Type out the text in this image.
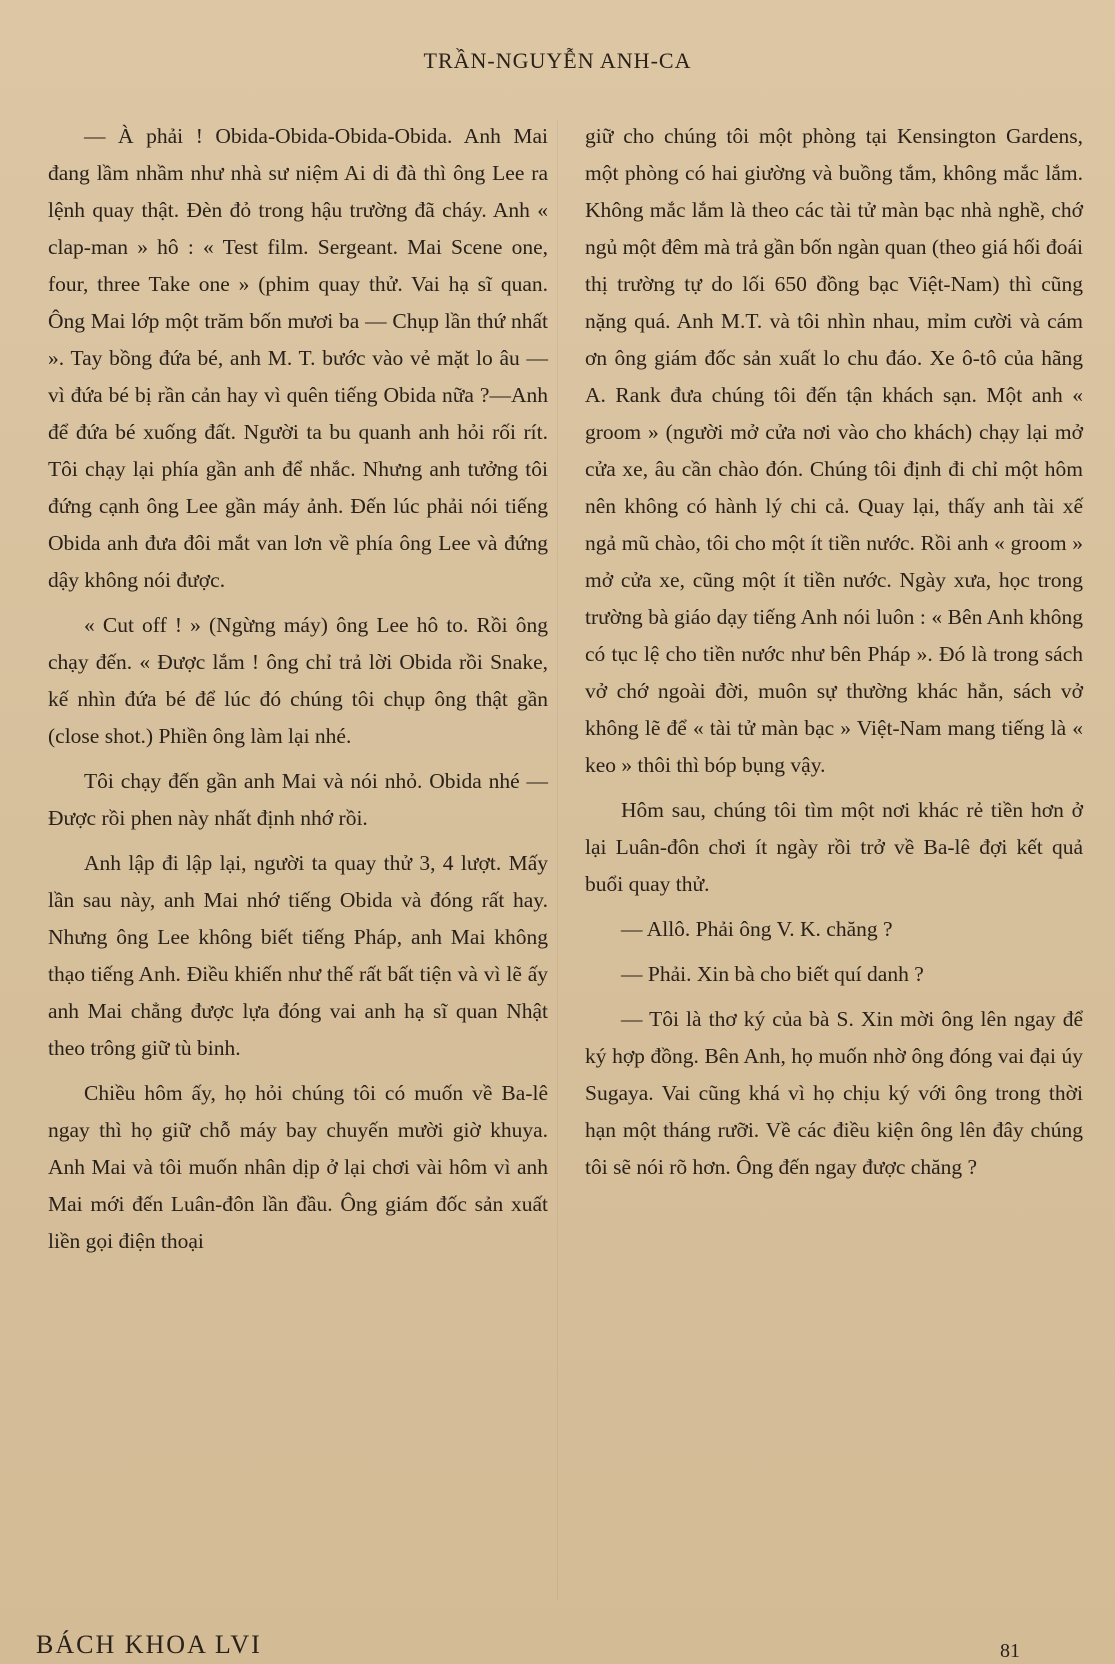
TRẦN-NGUYỄN ANH-CA

— À phải ! Obida-Obida-Obida-Obida. Anh Mai đang lầm nhầm như nhà sư niệm Ai di đà thì ông Lee ra lệnh quay thật. Đèn đỏ trong hậu trường đã cháy. Anh « clap-man » hô : « Test film. Sergeant. Mai Scene one, four, three Take one » (phim quay thử. Vai hạ sĩ quan. Ông Mai lớp một trăm bốn mươi ba — Chụp lần thứ nhất ». Tay bồng đứa bé, anh M. T. bước vào vẻ mặt lo âu — vì đứa bé bị rần cản hay vì quên tiếng Obida nữa ?—Anh để đứa bé xuống đất. Người ta bu quanh anh hỏi rối rít. Tôi chạy lại phía gần anh để nhắc. Nhưng anh tưởng tôi đứng cạnh ông Lee gần máy ảnh. Đến lúc phải nói tiếng Obida anh đưa đôi mắt van lơn về phía ông Lee và đứng dậy không nói được.

« Cut off ! » (Ngừng máy) ông Lee hô to. Rồi ông chạy đến. « Được lắm ! ông chỉ trả lời Obida rồi Snake, kế nhìn đứa bé để lúc đó chúng tôi chụp ông thật gần (close shot.) Phiền ông làm lại nhé.

Tôi chạy đến gần anh Mai và nói nhỏ. Obida nhé — Được rồi phen này nhất định nhớ rồi.

Anh lập đi lập lại, người ta quay thử 3, 4 lượt. Mấy lần sau này, anh Mai nhớ tiếng Obida và đóng rất hay. Nhưng ông Lee không biết tiếng Pháp, anh Mai không thạo tiếng Anh. Điều khiến như thế rất bất tiện và vì lẽ ấy anh Mai chẳng được lựa đóng vai anh hạ sĩ quan Nhật theo trông giữ tù binh.

Chiều hôm ấy, họ hỏi chúng tôi có muốn về Ba-lê ngay thì họ giữ chỗ máy bay chuyến mười giờ khuya. Anh Mai và tôi muốn nhân dịp ở lại chơi vài hôm vì anh Mai mới đến Luân-đôn lần đầu. Ông giám đốc sản xuất liền gọi điện thoại

giữ cho chúng tôi một phòng tại Kensington Gardens, một phòng có hai giường và buồng tắm, không mắc lắm. Không mắc lắm là theo các tài tử màn bạc nhà nghề, chớ ngủ một đêm mà trả gần bốn ngàn quan (theo giá hối đoái thị trường tự do lối 650 đồng bạc Việt-Nam) thì cũng nặng quá. Anh M.T. và tôi nhìn nhau, mỉm cười và cám ơn ông giám đốc sản xuất lo chu đáo. Xe ô-tô của hãng A. Rank đưa chúng tôi đến tận khách sạn. Một anh « groom » (người mở cửa nơi vào cho khách) chạy lại mở cửa xe, âu cần chào đón. Chúng tôi định đi chỉ một hôm nên không có hành lý chi cả. Quay lại, thấy anh tài xế ngả mũ chào, tôi cho một ít tiền nước. Rồi anh « groom » mở cửa xe, cũng một ít tiền nước. Ngày xưa, học trong trường bà giáo dạy tiếng Anh nói luôn : « Bên Anh không có tục lệ cho tiền nước như bên Pháp ». Đó là trong sách vở chớ ngoài đời, muôn sự thường khác hẳn, sách vở không lẽ để « tài tử màn bạc » Việt-Nam mang tiếng là « keo » thôi thì bóp bụng vậy.

Hôm sau, chúng tôi tìm một nơi khác rẻ tiền hơn ở lại Luân-đôn chơi ít ngày rồi trở về Ba-lê đợi kết quả buổi quay thử.

— Allô. Phải ông V. K. chăng ?

— Phải. Xin bà cho biết quí danh ?

— Tôi là thơ ký của bà S. Xin mời ông lên ngay để ký hợp đồng. Bên Anh, họ muốn nhờ ông đóng vai đại úy Sugaya. Vai cũng khá vì họ chịu ký với ông trong thời hạn một tháng rưỡi. Về các điều kiện ông lên đây chúng tôi sẽ nói rõ hơn. Ông đến ngay được chăng ?

BÁCH KHOA LVI	81
